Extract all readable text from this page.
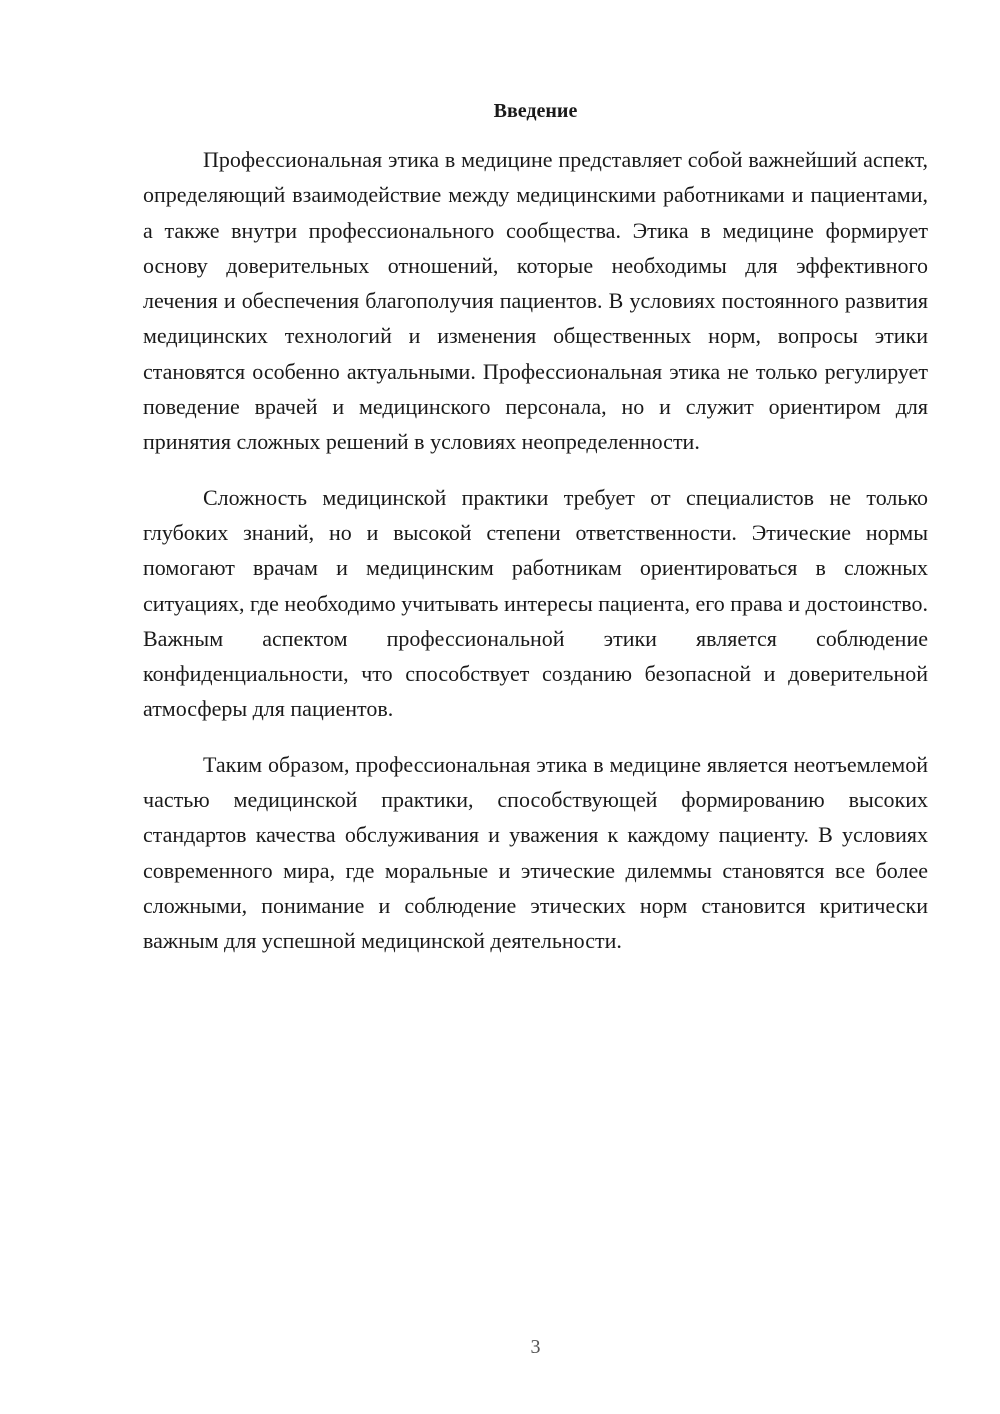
Введение

Профессиональная этика в медицине представляет собой важнейший аспект, определяющий взаимодействие между медицинскими работниками и пациентами, а также внутри профессионального сообщества. Этика в медицине формирует основу доверительных отношений, которые необходимы для эффективного лечения и обеспечения благополучия пациентов. В условиях постоянного развития медицинских технологий и изменения общественных норм, вопросы этики становятся особенно актуальными. Профессиональная этика не только регулирует поведение врачей и медицинского персонала, но и служит ориентиром для принятия сложных решений в условиях неопределенности.

Сложность медицинской практики требует от специалистов не только глубоких знаний, но и высокой степени ответственности. Этические нормы помогают врачам и медицинским работникам ориентироваться в сложных ситуациях, где необходимо учитывать интересы пациента, его права и достоинство. Важным аспектом профессиональной этики является соблюдение конфиденциальности, что способствует созданию безопасной и доверительной атмосферы для пациентов.

Таким образом, профессиональная этика в медицине является неотъемлемой частью медицинской практики, способствующей формированию высоких стандартов качества обслуживания и уважения к каждому пациенту. В условиях современного мира, где моральные и этические дилеммы становятся все более сложными, понимание и соблюдение этических норм становится критически важным для успешной медицинской деятельности.

3
